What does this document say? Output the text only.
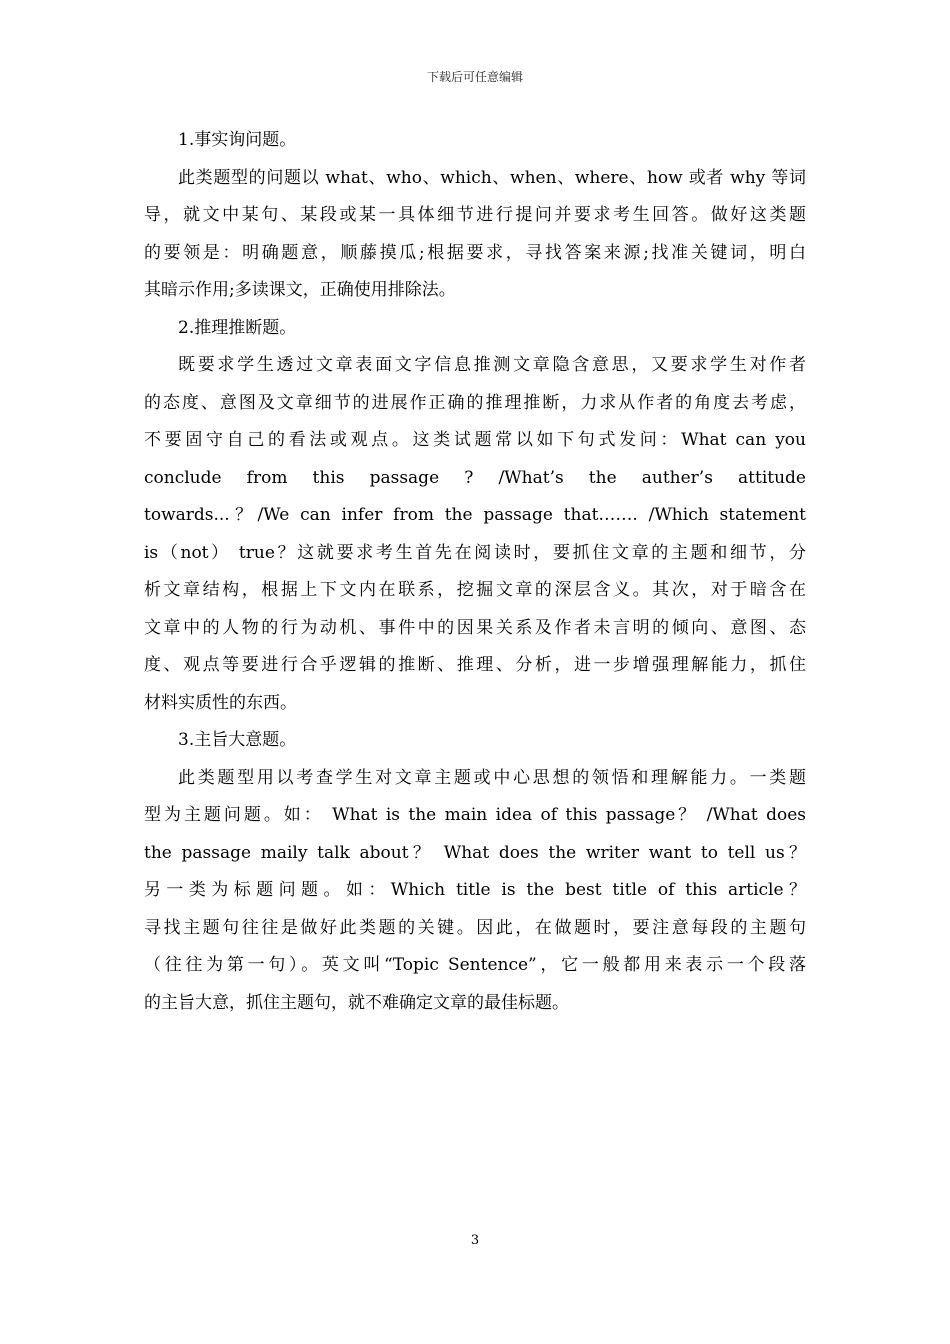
下载后可任意编辑
1.事实询问题。
此类题型的问题以 what、who、which、when、where、how 或者 why 等词
导，就文中某句、某段或某一具体细节进行提问并要求考生回答。做好这类题
的要领是：明确题意，顺藤摸瓜;根据要求，寻找答案来源;找准关键词，明白
其暗示作用;多读课文，正确使用排除法。
2.推理推断题。
既要求学生透过文章表面文字信息推测文章隐含意思，又要求学生对作者
的态度、意图及文章细节的进展作正确的推理推断，力求从作者的角度去考虑，
不要固守自己的看法或观点。这类试题常以如下句式发问：What can you
conclude from this passage ? /What’s the auther’s attitude
towards...？/We can infer from the passage that……. /Which statement
is（not） true？这就要求考生首先在阅读时，要抓住文章的主题和细节，分
析文章结构，根据上下文内在联系，挖掘文章的深层含义。其次，对于暗含在
文章中的人物的行为动机、事件中的因果关系及作者未言明的倾向、意图、态
度、观点等要进行合乎逻辑的推断、推理、分析，进一步增强理解能力，抓住
材料实质性的东西。
3.主旨大意题。
此类题型用以考查学生对文章主题或中心思想的领悟和理解能力。一类题
型为主题问题。如： What is the main idea of this passage？ /What does
the passage maily talk about？ What does the writer want to tell us？
另一类为标题问题。如：Which title is the best title of this article？
寻找主题句往往是做好此类题的关键。因此，在做题时，要注意每段的主题句
（往往为第一句）。英文叫“Topic Sentence”，它一般都用来表示一个段落
的主旨大意，抓住主题句，就不难确定文章的最佳标题。
3
